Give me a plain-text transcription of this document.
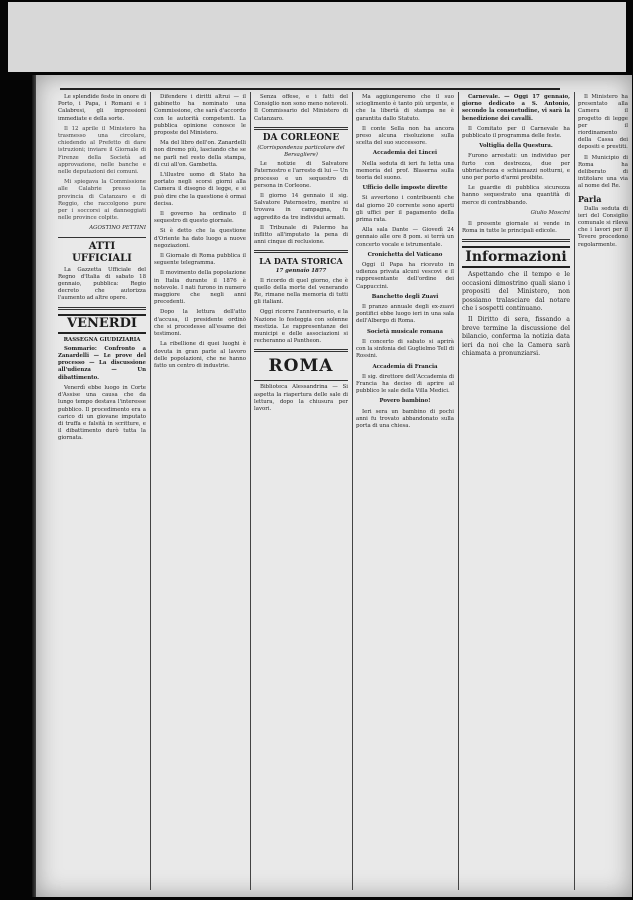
Le splendide feste in onore di Porto, i Papa, i Romani e i Calabresi, gli impressioni immediate e della sorte.

Il 12 aprile il Ministero ha trasmesso una circolare, chiedendo al Prefetto di dare istruzioni; inviare il Giornale di Firenze della Società ad approvazione, nelle banche e nelle deputazioni dei comuni.

Mi spiegava la Commissione alle Calabrie presso la provincia di Catanzaro e di Reggio, che raccolgono pure per i soccorsi ai danneggiati nelle province colpite.

AGOSTINO PETTINI
ATTI UFFICIALI

La Gazzetta Ufficiale del Regno d'Italia di sabato 18 gennaio, pubblica: Regio decreto che autorizza l'aumento ad altre opere.

VENERDI
RASSEGNA GIUDIZIARIA

Sommario: Confronto a Zanardelli — Le prove del processo — La discussione all'udienza — Un dibattimento.

Venerdì ebbe luogo in Corte d'Assise una causa che da lungo tempo destava l'interesse pubblico. Il procedimento era a carico di un giovane imputato di truffa e falsità in scritture, e il dibattimento durò tutta la giornata.

Difendere i diritti altrui — il gabinetto ha nominato una Commissione, che sarà d'accordo con le autorità competenti. La pubblica opinione conosce le proposte del Ministero.

Ma del libro dell'on. Zanardelli non diremo più, lasciando che se ne parli nel resto della stampa, di cui all'on. Gambetta.

L'illustre uomo di Stato ha portato negli scorsi giorni alla Camera il disegno di legge, e si può dire che la questione è ormai decisa.

Il governo ha ordinato il sequestro di questo giornale.

Si è detto che la questione d'Oriente ha dato luogo a nuove negoziazioni.

Il Giornale di Roma pubblica il seguente telegramma.

Il movimento della popolazione in Italia durante il 1876 è notevole. I nati furono in numero maggiore che negli anni precedenti.

Dopo la lettura dell'atto d'accusa, il presidente ordinò che si procedesse all'esame dei testimoni.

La ribellione di quei luoghi è dovuta in gran parte al lavoro delle popolazioni, che ne hanno fatto un centro di industrie.

Senza offese, e i fatti del Consiglio non sono meno notevoli. Il Commissario del Ministero di Catanzaro.

DA CORLEONE
(Corrispondenza particolare del Bersagliere)

Le notizie di Salvatore Paternostro e l'arresto di lui — Un processo e un sequestro di persona in Corleone.

Il giorno 14 gennaio il sig. Salvatore Paternostro, mentre si trovava in campagna, fu aggredito da tre individui armati.

Il Tribunale di Palermo ha inflitto all'imputato la pena di anni cinque di reclusione.

LA DATA STORICA
17 gennaio 1877

Il ricordo di quel giorno, che è quello della morte del venerando Re, rimane nella memoria di tutti gli italiani.

Oggi ricorre l'anniversario, e la Nazione lo festeggia con solenne mestizia. Le rappresentanze dei municipi e delle associazioni si recheranno al Pantheon.

ROMA

Biblioteca Alessandrina — Si aspetta la riapertura delle sale di lettura, dopo la chiusura per lavori.

Ma aggiungeremo che il suo scioglimento è tanto più urgente, e che la libertà di stampa ne è garantita dallo Statuto.

Il conte Sella non ha ancora preso alcuna risoluzione sulla scelta del suo successore.

Accademia dei Lincei

Nella seduta di ieri fu letta una memoria del prof. Blaserna sulla teoria del suono.

Ufficio delle imposte dirette

Si avvertono i contribuenti che dal giorno 20 corrente sono aperti gli uffici per il pagamento della prima rata.

Alla sala Dante — Giovedì 24 gennaio alle ore 8 pom. si terrà un concerto vocale e istrumentale.

Cronichetta del Vaticano

Oggi il Papa ha ricevuto in udienza privata alcuni vescovi e il rappresentante dell'ordine dei Cappuccini.

Banchetto degli Zuavi

Il pranzo annuale degli ex-zuavi pontifici ebbe luogo ieri in una sala dell'Albergo di Roma.

Società musicale romana

Il concerto di sabato si aprirà con la sinfonia del Guglielmo Tell di Rossini.

Accademia di Francia

Il sig. direttore dell'Accademia di Francia ha deciso di aprire al pubblico le sale della Villa Medici.

Povero bambino!

Ieri sera un bambino di pochi anni fu trovato abbandonato sulla porta di una chiesa.

Carnevale. — Oggi 17 gennaio, giorno dedicato a S. Antonio, secondo la consuetudine, vi sarà la benedizione dei cavalli.

Il Comitato per il Carnevale ha pubblicato il programma delle feste.

Voltiglia della Questura.

Furono arrestati: un individuo per furto con destrezza, due per ubbriachezza e schiamazzi notturni, e uno per porto d'armi proibite.

Le guardie di pubblica sicurezza hanno sequestrato una quantità di merce di contrabbando.

Giulio Moscini

Il presente giornale si vende in Roma in tutte le principali edicole.

Informazioni

Aspettando che il tempo e le occasioni dimostrino quali siano i propositi del Ministero, non possiamo tralasciare dal notare che i sospetti continuano.

Il Diritto di sera, fissando a breve termine la discussione del bilancio, conferma la notizia data ieri da noi che la Camera sarà chiamata a pronunziarsi.

Il Ministero ha presentato alla Camera il progetto di legge per il riordinamento della Cassa dei depositi e prestiti.

Il Municipio di Roma ha deliberato di intitolare una via al nome del Re.

Parla

Dalla seduta di ieri del Consiglio comunale si rileva che i lavori per il Tevere procedono regolarmente.
